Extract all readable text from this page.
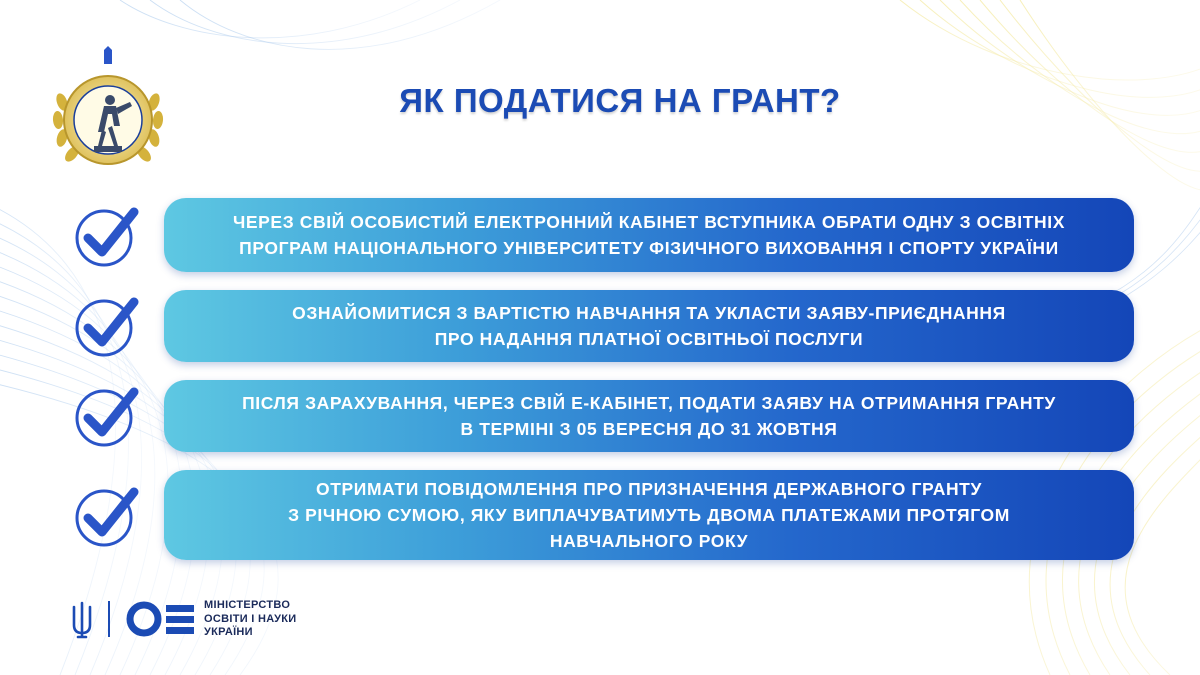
ЯК ПОДАТИСЯ НА ГРАНТ?
ЧЕРЕЗ СВІЙ ОСОБИСТИЙ ЕЛЕКТРОННИЙ КАБІНЕТ ВСТУПНИКА ОБРАТИ ОДНУ З ОСВІТНІХ
ПРОГРАМ НАЦІОНАЛЬНОГО УНІВЕРСИТЕТУ ФІЗИЧНОГО ВИХОВАННЯ І СПОРТУ УКРАЇНИ
ОЗНАЙОМИТИСЯ З ВАРТІСТЮ НАВЧАННЯ ТА УКЛАСТИ ЗАЯВУ-ПРИЄДНАННЯ
ПРО НАДАННЯ ПЛАТНОЇ ОСВІТНЬОЇ ПОСЛУГИ
ПІСЛЯ ЗАРАХУВАННЯ, ЧЕРЕЗ СВІЙ Е-КАБІНЕТ, ПОДАТИ ЗАЯВУ НА ОТРИМАННЯ ГРАНТУ
В ТЕРМІНІ З 05 ВЕРЕСНЯ ДО 31 ЖОВТНЯ
ОТРИМАТИ ПОВІДОМЛЕННЯ ПРО ПРИЗНАЧЕННЯ ДЕРЖАВНОГО ГРАНТУ
З РІЧНОЮ СУМОЮ, ЯКУ ВИПЛАЧУВАТИМУТЬ ДВОМА ПЛАТЕЖАМИ ПРОТЯГОМ
НАВЧАЛЬНОГО РОКУ
МІНІСТЕРСТВО
ОСВІТИ І НАУКИ
УКРАЇНИ
